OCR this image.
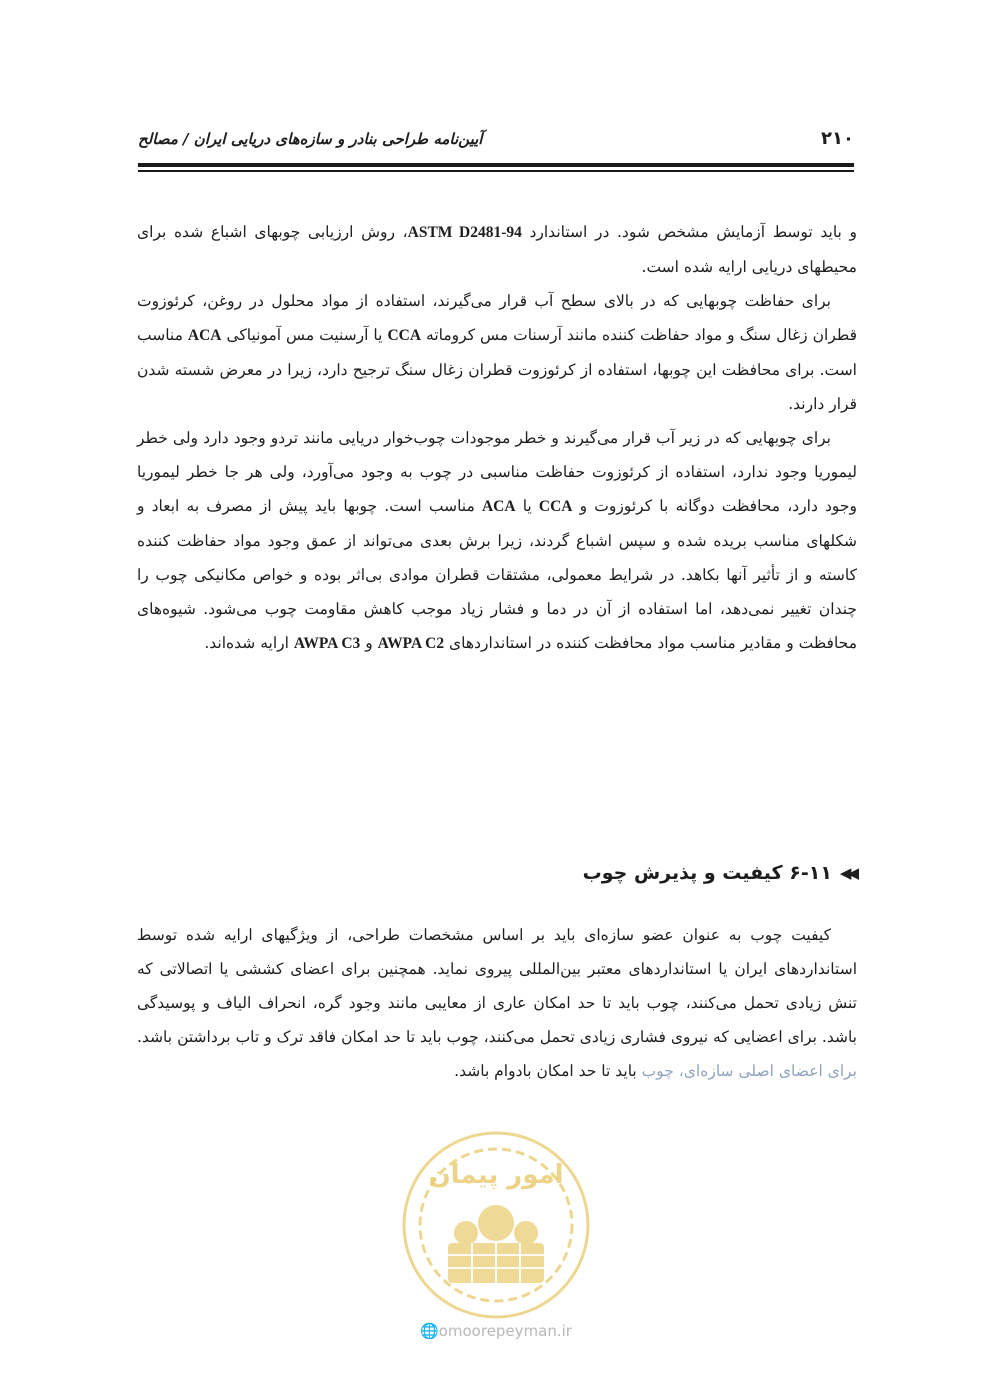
۲۱۰
آیین‌نامه طراحی بنادر و سازه‌های دریایی ایران / مصالح

و باید توسط آزمایش مشخص شود. در استاندارد ASTM D2481-94، روش ارزیابی چوبهای اشباع شده برای محیطهای دریایی ارایه شده است.

برای حفاظت چوبهایی که در بالای سطح آب قرار می‌گیرند، استفاده از مواد محلول در روغن، کرئوزوت قطران زغال سنگ و مواد حفاظت کننده مانند آرسنات مس کروماته CCA یا آرسنیت مس آمونیاکی ACA مناسب است. برای محافظت این چوبها، استفاده از کرئوزوت قطران زغال سنگ ترجیح دارد، زیرا در معرض شسته شدن قرار دارند.

برای چوبهایی که در زیر آب قرار می‌گیرند و خطر موجودات چوب‌خوار دریایی مانند تردو وجود دارد ولی خطر لیموریا وجود ندارد، استفاده از کرئوزوت حفاظت مناسبی در چوب به وجود می‌آورد، ولی هر جا خطر لیموریا وجود دارد، محافظت دوگانه با کرئوزوت و CCA یا ACA مناسب است. چوبها باید پیش از مصرف به ابعاد و شکلهای مناسب بریده شده و سپس اشباع گردند، زیرا برش بعدی می‌تواند از عمق وجود مواد حفاظت کننده کاسته و از تأثیر آنها بکاهد. در شرایط معمولی، مشتقات قطران موادی بی‌اثر بوده و خواص مکانیکی چوب را چندان تغییر نمی‌دهد، اما استفاده از آن در دما و فشار زیاد موجب کاهش مقاومت چوب می‌شود. شیوه‌های محافظت و مقادیر مناسب مواد محافظت کننده در استانداردهای AWPA C2 و AWPA C3 ارایه شده‌اند.

◀◀
۶-۱۱ کیفیت و پذیرش چوب

کیفیت چوب به عنوان عضو سازه‌ای باید بر اساس مشخصات طراحی، از ویژگیهای ارایه شده توسط استانداردهای ایران یا استانداردهای معتبر بین‌المللی پیروی نماید. همچنین برای اعضای کششی یا اتصالاتی که تنش زیادی تحمل می‌کنند، چوب باید تا حد امکان عاری از معایبی مانند وجود گره، انحراف الیاف و پوسیدگی باشد. برای اعضایی که نیروی فشاری زیادی تحمل می‌کنند، چوب باید تا حد امکان فاقد ترک و تاب برداشتن باشد. برای اعضای اصلی سازه‌ای، چوب باید تا حد امکان بادوام باشد.

امور پیمان
🌐omoorepeyman.ir
